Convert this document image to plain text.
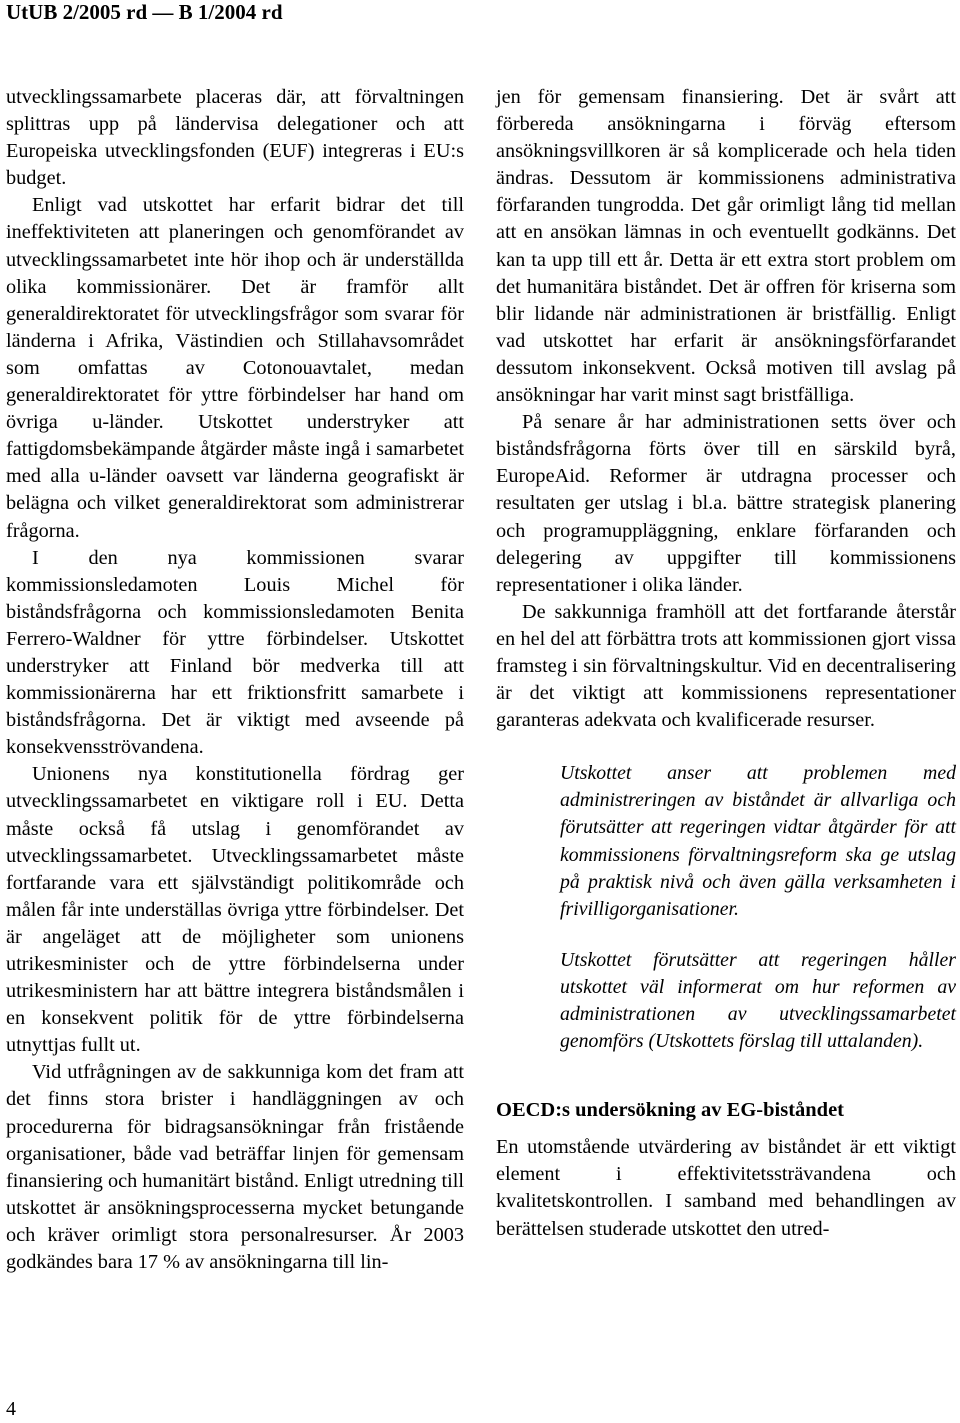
UtUB 2/2005 rd — B 1/2004 rd

utvecklingssamarbete placeras där, att förvaltningen splittras upp på ländervisa delegationer och att Europeiska utvecklingsfonden (EUF) integreras i EU:s budget.

Enligt vad utskottet har erfarit bidrar det till ineffektiviteten att planeringen och genomförandet av utvecklingssamarbetet inte hör ihop och är underställda olika kommissionärer. Det är framför allt generaldirektoratet för utvecklingsfrågor som svarar för länderna i Afrika, Västindien och Stillahavsområdet som omfattas av Cotonouavtalet, medan generaldirektoratet för yttre förbindelser har hand om övriga u-länder. Utskottet understryker att fattigdomsbekämpande åtgärder måste ingå i samarbetet med alla u-länder oavsett var länderna geografiskt är belägna och vilket generaldirektorat som administrerar frågorna.

I den nya kommissionen svarar kommissionsledamoten Louis Michel för biståndsfrågorna och kommissionsledamoten Benita Ferrero-Waldner för yttre förbindelser. Utskottet understryker att Finland bör medverka till att kommissionärerna har ett friktionsfritt samarbete i biståndsfrågorna. Det är viktigt med avseende på konsekvensströvandena.

Unionens nya konstitutionella fördrag ger utvecklingssamarbetet en viktigare roll i EU. Detta måste också få utslag i genomförandet av utvecklingssamarbetet. Utvecklingssamarbetet måste fortfarande vara ett självständigt politikområde och målen får inte underställas övriga yttre förbindelser. Det är angeläget att de möjligheter som unionens utrikesminister och de yttre förbindelserna under utrikesministern har att bättre integrera biståndsmålen i en konsekvent politik för de yttre förbindelserna utnyttjas fullt ut.

Vid utfrågningen av de sakkunniga kom det fram att det finns stora brister i handläggningen av och procedurerna för bidragsansökningar från fristående organisationer, både vad beträffar linjen för gemensam finansiering och humanitärt bistånd. Enligt utredning till utskottet är ansökningsprocesserna mycket betungande och kräver orimligt stora personalresurser. År 2003 godkändes bara 17 % av ansökningarna till lin-

jen för gemensam finansiering. Det är svårt att förbereda ansökningarna i förväg eftersom ansökningsvillkoren är så komplicerade och hela tiden ändras. Dessutom är kommissionens administrativa förfaranden tungrodda. Det går orimligt lång tid mellan att en ansökan lämnas in och eventuellt godkänns. Det kan ta upp till ett år. Detta är ett extra stort problem om det humanitära biståndet. Det är offren för kriserna som blir lidande när administrationen är bristfällig. Enligt vad utskottet har erfarit är ansökningsförfarandet dessutom inkonsekvent. Också motiven till avslag på ansökningar har varit minst sagt bristfälliga.

På senare år har administrationen setts över och biståndsfrågorna förts över till en särskild byrå, EuropeAid. Reformer är utdragna processer och resultaten ger utslag i bl.a. bättre strategisk planering och programuppläggning, enklare förfaranden och delegering av uppgifter till kommissionens representationer i olika länder.

De sakkunniga framhöll att det fortfarande återstår en hel del att förbättra trots att kommissionen gjort vissa framsteg i sin förvaltningskultur. Vid en decentralisering är det viktigt att kommissionens representationer garanteras adekvata och kvalificerade resurser.

Utskottet anser att problemen med administreringen av biståndet är allvarliga och förutsätter att regeringen vidtar åtgärder för att kommissionens förvaltningsreform ska ge utslag på praktisk nivå och även gälla verksamheten i frivilligorganisationer.

Utskottet förutsätter att regeringen håller utskottet väl informerat om hur reformen av administrationen av utvecklingssamarbetet genomförs (Utskottets förslag till uttalanden).

OECD:s undersökning av EG-biståndet

En utomstående utvärdering av biståndet är ett viktigt element i effektivitetssträvandena och kvalitetskontrollen. I samband med behandlingen av berättelsen studerade utskottet den utred-

4
